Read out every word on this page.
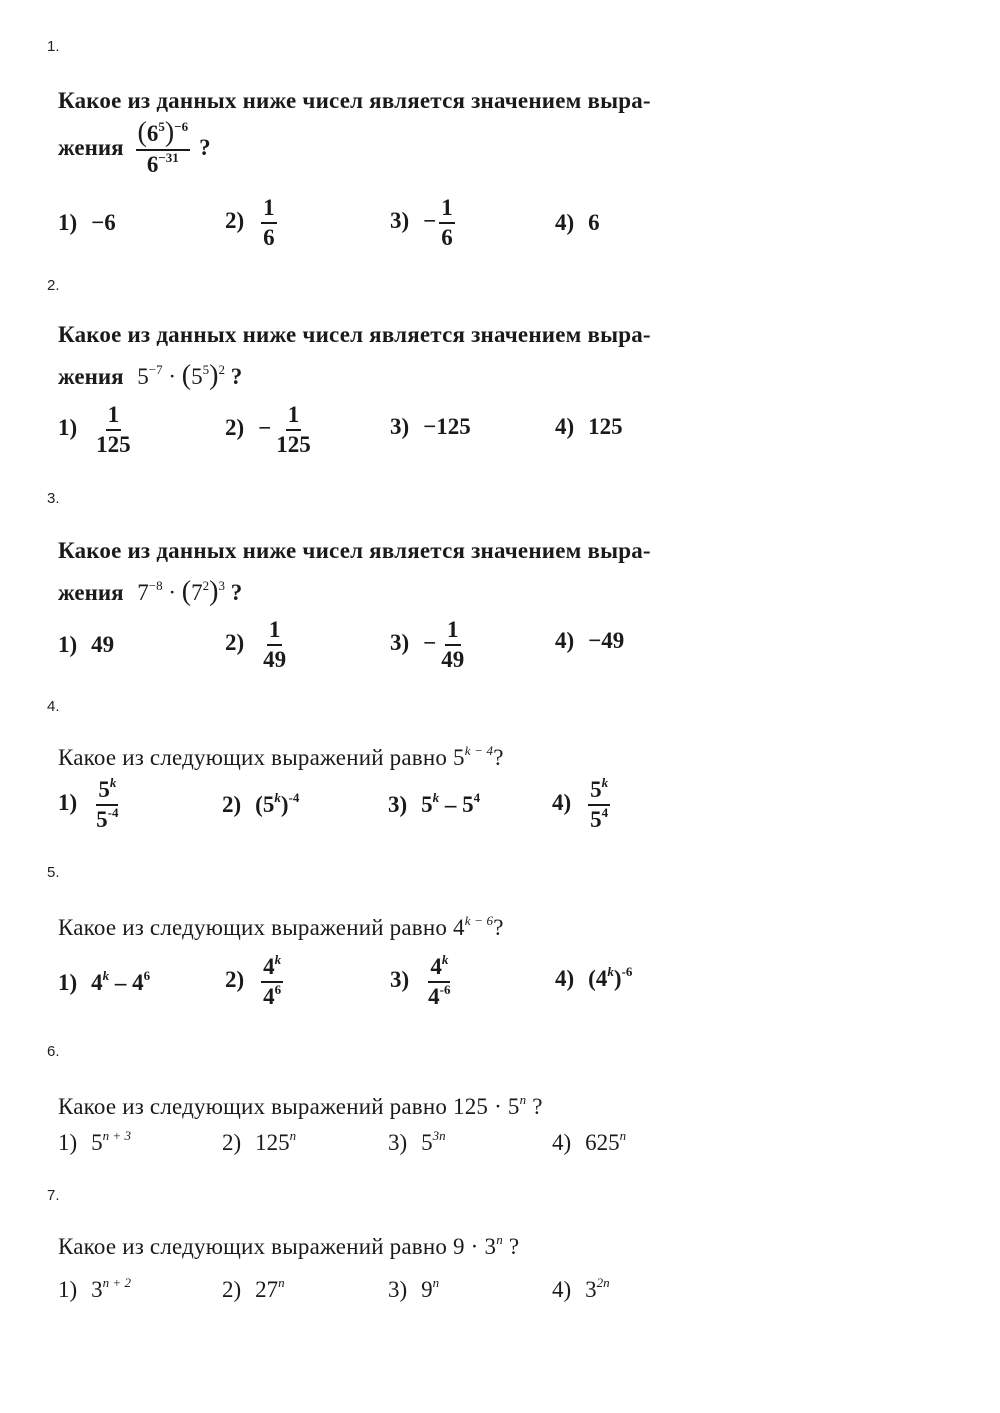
1.
Какое из данных ниже чисел является значением выра-
жения $\frac{(6^5)^{-6}}{6^{-31}}$ ?
1) −6	$2) \frac{1}{6}$	$3) - \frac{1}{6}$	4) 6
2.
Какое из данных ниже чисел является значением выра-
жения $5^{-7} \cdot (5^5)^2$ ?
$1) \frac{1}{125}$	$2) - \frac{1}{125}$	3) −125	4) 125
3.
Какое из данных ниже чисел является значением выра-
жения $7^{-8} \cdot (7^2)^3$ ?
1) 49	$2) \frac{1}{49}$	$3) - \frac{1}{49}$	4) −49
4.
Какое из следующих выражений равно $5^{k - 4}$?
$1) \frac{5^k}{5^{-4}}$	2) $(5^k)^{-4}$	3) $5^k - 5^4$	$4) \frac{5^k}{5^4}$
5.
Какое из следующих выражений равно $4^{k - 6}$?
1) $4^k - 4^6$	$2) \frac{4^k}{4^6}$	$3) \frac{4^k}{4^{-6}}$	4) $(4^k)^{-6}$
6.
Какое из следующих выражений равно $125 \cdot 5^n$ ?
1) $5^{n + 3}$	2) 125$^n$	3) $5^{3n}$	4) 625$^n$
7.
Какое из следующих выражений равно $9 \cdot 3^n$ ?
1) $3^{n + 2}$	2) 27$^n$	3) 9$^n$	4) $3^{2n}$
